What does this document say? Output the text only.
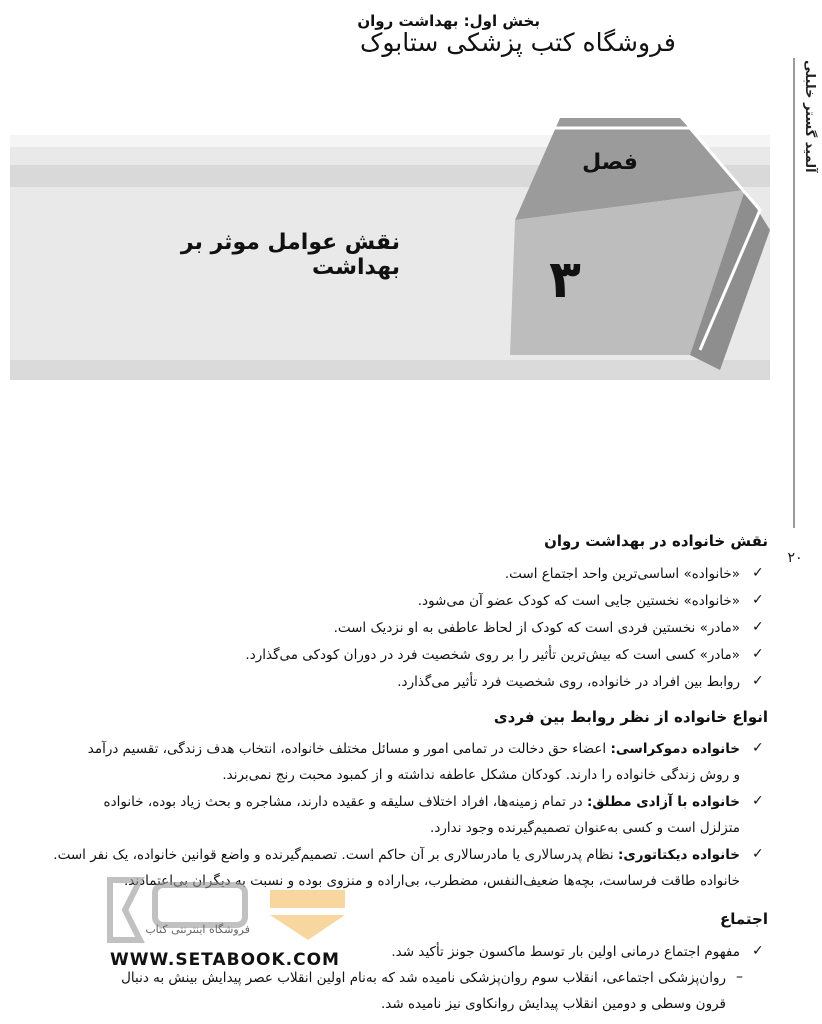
بخش اول: بهداشت روان
فروشگاه کتب پزشکی ستابوک
آلمید گستر خلبلی
۲۰
فصل
۳
نقش عوامل موثر بر بهداشت
نقش خانواده در بهداشت روان
✓
«خانواده» اساسی‌ترین واحد اجتماع است.
✓
«خانواده» نخستین جایی است که کودک عضو آن می‌شود.
✓
«مادر» نخستین فردی است که کودک از لحاظ عاطفی به او نزدیک است.
✓
«مادر» کسی است که بیش‌ترین تأثیر را بر روی شخصیت فرد در دوران کودکی می‌گذارد.
✓
روابط بین افراد در خانواده، روی شخصیت فرد تأثیر می‌گذارد.
انواع خانواده از نظر روابط بین فردی
✓
خانواده دموکراسی: اعضاء حق دخالت در تمامی امور و مسائل مختلف خانواده، انتخاب هدف زندگی، تقسیم درآمد
و روش زندگی خانواده را دارند. کودکان مشکل عاطفه نداشته و از کمبود محبت رنج نمی‌برند.
✓
خانواده با آزادی مطلق: در تمام زمینه‌ها، افراد اختلاف سلیقه و عقیده دارند، مشاجره و بحث زیاد بوده، خانواده
متزلزل است و کسی به‌عنوان تصمیم‌گیرنده وجود ندارد.
✓
خانواده دیکتاتوری: نظام پدرسالاری یا مادرسالاری بر آن حاکم است. تصمیم‌گیرنده و واضع قوانین خانواده، یک نفر است.
خانواده طاقت فرساست، بچه‌ها ضعیف‌النفس، مضطرب، بی‌اراده و منزوی بوده و نسبت به دیگران بی‌اعتمادند.
فروشگاه اینترنتی کتاب
WWW.SETABOOK.COM
اجتماع
✓
مفهوم اجتماع درمانی اولین بار توسط ماکسون جونز تأکید شد.
–
روان‌پزشکی اجتماعی، انقلاب سوم روان‌پزشکی نامیده شد که به‌نام اولین انقلاب عصر پیدایش بینش به دنبال
قرون وسطی و دومین انقلاب پیدایش روانکاوی نیز نامیده شد.
